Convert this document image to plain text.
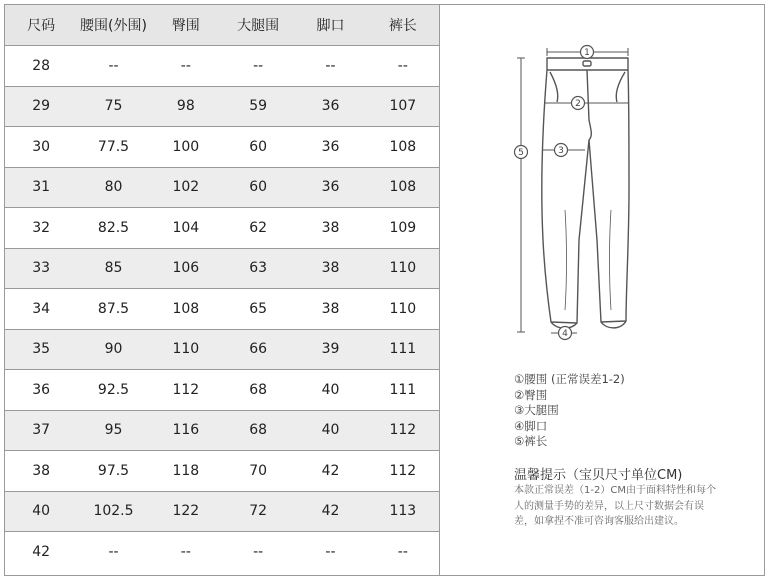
尺码	腰围(外围)	臀围	大腿围	脚口	裤长
28	--	--	--	--	--
29	75	98	59	36	107
30	77.5	100	60	36	108
31	80	102	60	36	108
32	82.5	104	62	38	109
33	85	106	63	38	110
34	87.5	108	65	38	110
35	90	110	66	39	111
36	92.5	112	68	40	111
37	95	116	68	40	112
38	97.5	118	70	42	112
40	102.5	122	72	42	113
42	--	--	--	--	--
1
2
3
4
5
①腰围 (正常误差1-2)
②臀围
③大腿围
④脚口
⑤裤长
温馨提示（宝贝尺寸单位CM)
本款正常误差（1-2）CM由于面料特性和每个人的测量手势的差异，以上尺寸数据会有误差，如拿捏不准可咨询客服给出建议。
